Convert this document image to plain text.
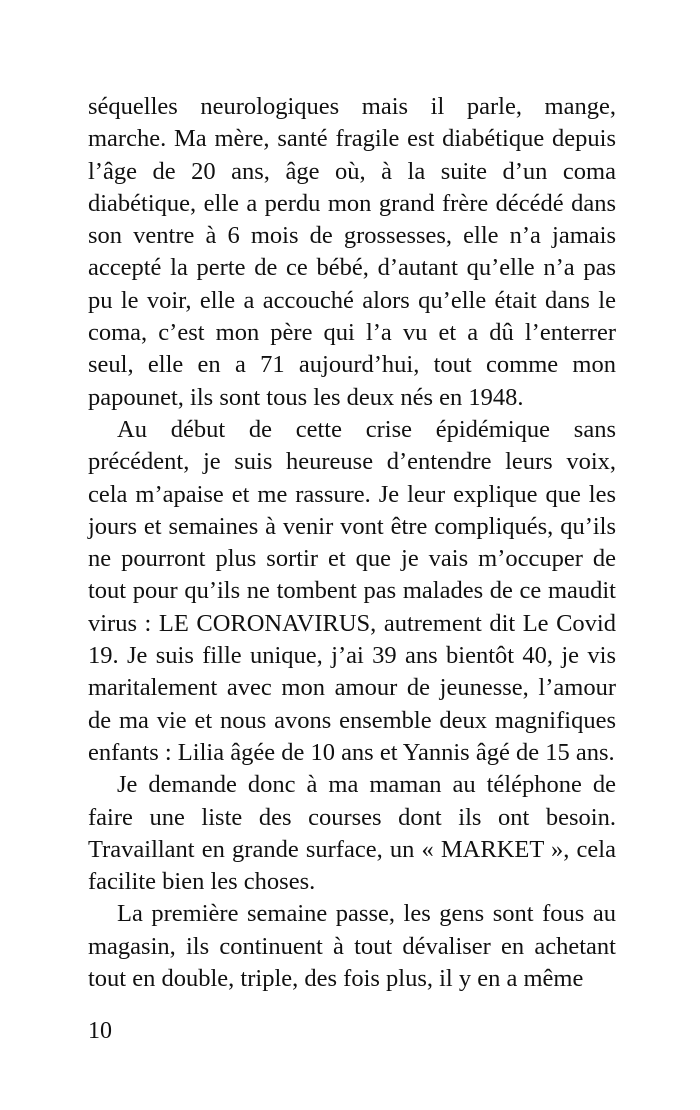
séquelles neurologiques mais il parle, mange, marche. Ma mère, santé fragile est diabétique depuis l’âge de 20 ans, âge où, à la suite d’un coma diabétique, elle a perdu mon grand frère décédé dans son ventre à 6 mois de grossesses, elle n’a jamais accepté la perte de ce bébé, d’autant qu’elle n’a pas pu le voir, elle a accouché alors qu’elle était dans le coma, c’est mon père qui l’a vu et a dû l’enterrer seul, elle en a 71 aujourd’hui, tout comme mon papounet, ils sont tous les deux nés en 1948.

Au début de cette crise épidémique sans précédent, je suis heureuse d’entendre leurs voix, cela m’apaise et me rassure. Je leur explique que les jours et semaines à venir vont être compliqués, qu’ils ne pourront plus sortir et que je vais m’occuper de tout pour qu’ils ne tombent pas malades de ce maudit virus : LE CORONAVIRUS, autrement dit Le Covid 19. Je suis fille unique, j’ai 39 ans bientôt 40, je vis maritalement avec mon amour de jeunesse, l’amour de ma vie et nous avons ensemble deux magnifiques enfants : Lilia âgée de 10 ans et Yannis âgé de 15 ans.

Je demande donc à ma maman au téléphone de faire une liste des courses dont ils ont besoin. Travaillant en grande surface, un « MARKET », cela facilite bien les choses.

La première semaine passe, les gens sont fous au magasin, ils continuent à tout dévaliser en achetant tout en double, triple, des fois plus, il y en a même

10
